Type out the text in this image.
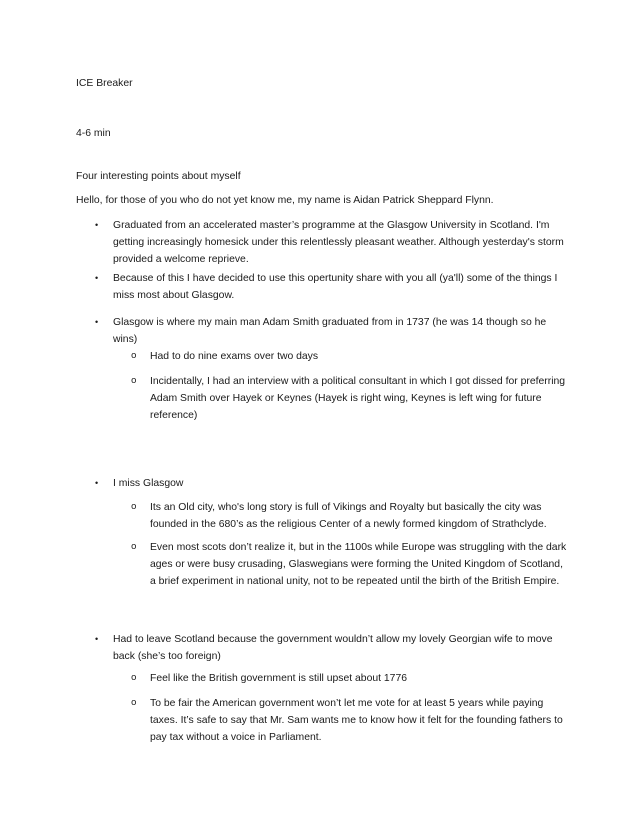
ICE Breaker

4-6 min

Four interesting points about myself

Hello, for those of you who do not yet know me, my name is Aidan Patrick Sheppard Flynn.

•	Graduated from an accelerated master’s programme at the Glasgow University in Scotland. I'm getting increasingly homesick under this relentlessly pleasant weather. Although yesterday's storm provided a welcome reprieve.
•	Because of this I have decided to use this opertunity share with you all (ya'll) some of the things I miss most about Glasgow.
•	Glasgow is where my main man Adam Smith graduated from in 1737 (he was 14 though so he wins)
o	Had to do nine exams over two days
o	Incidentally, I had an interview with a political consultant in which I got dissed for preferring Adam Smith over Hayek or Keynes (Hayek is right wing, Keynes is left wing for future reference)
•	I miss Glasgow
o	Its an Old city, who's long story is full of Vikings and Royalty but basically the city was founded in the 680’s as the religious Center of a newly formed kingdom of Strathclyde.
o	Even most scots don’t realize it, but in the 1100s while Europe was struggling with the dark ages or were busy crusading, Glaswegians were forming the United Kingdom of Scotland, a brief experiment in national unity, not to be repeated until the birth of the British Empire.
•	Had to leave Scotland because the government wouldn’t allow my lovely Georgian wife to move back (she’s too foreign)
o	Feel like the British government is still upset about 1776
o	To be fair the American government won’t let me vote for at least 5 years while paying taxes. It’s safe to say that Mr. Sam wants me to know how it felt for the founding fathers to pay tax without a voice in Parliament.
